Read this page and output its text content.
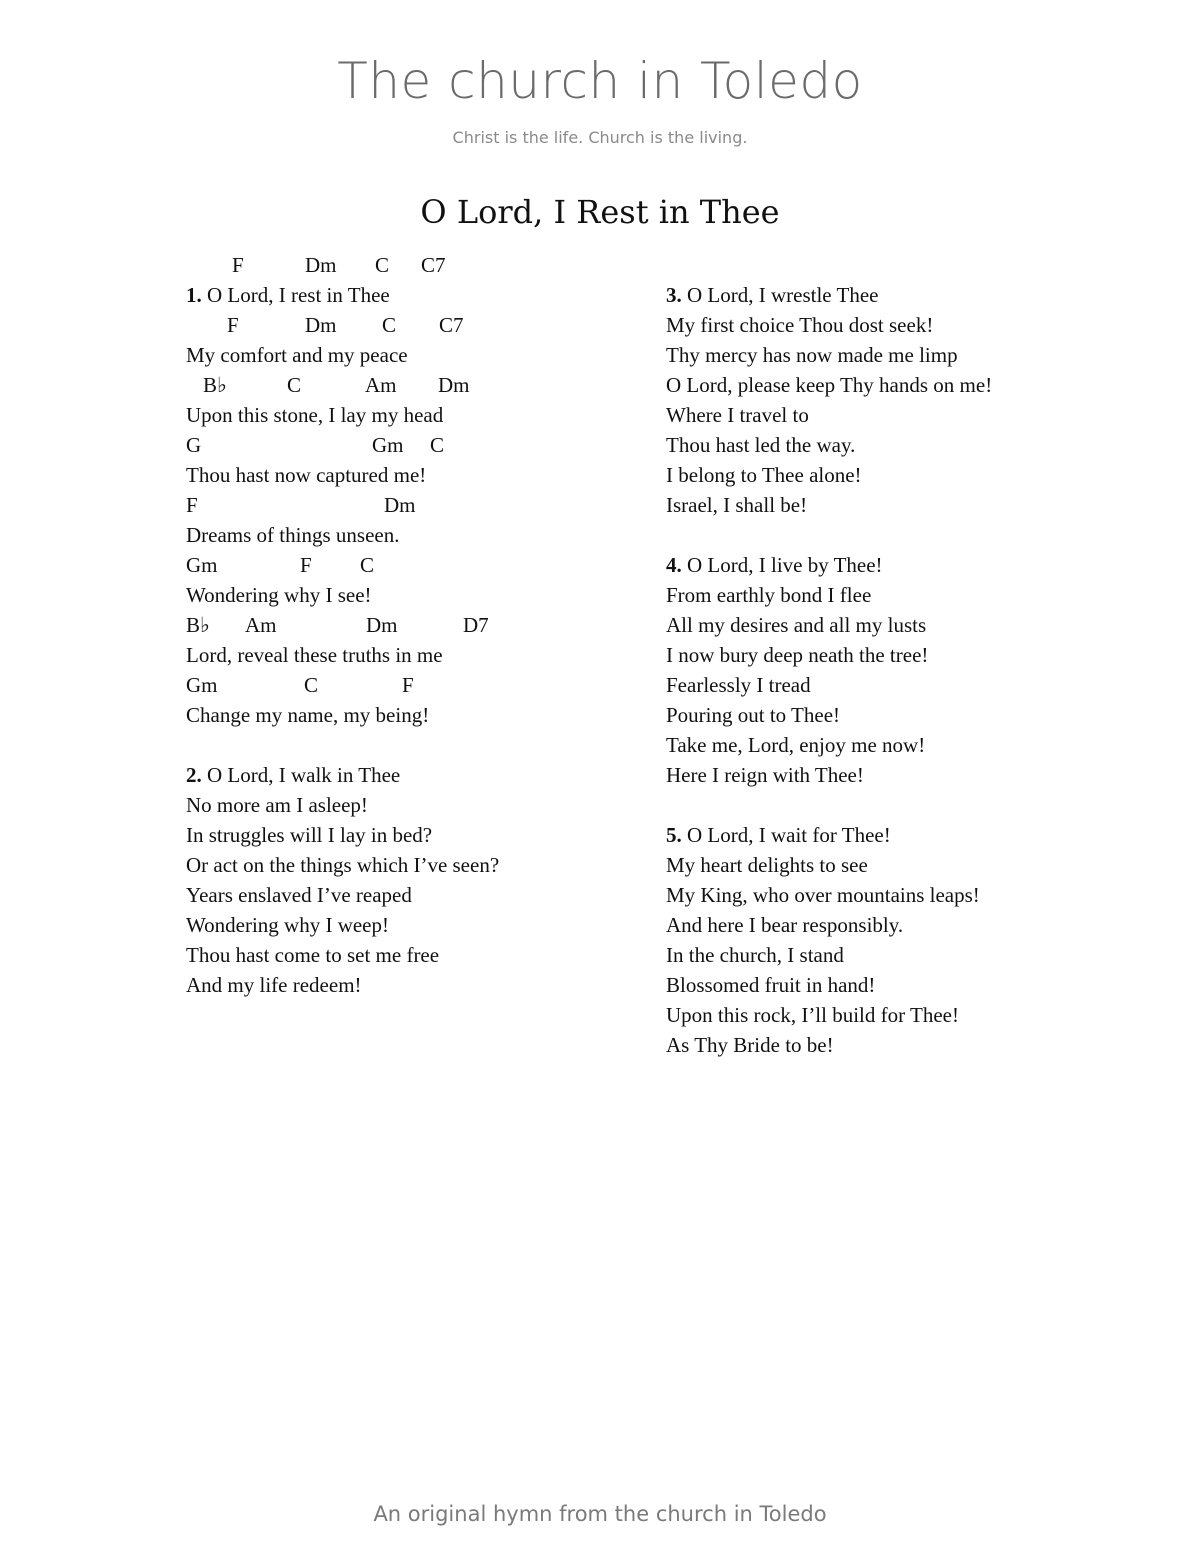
The church in Toledo
Christ is the life. Church is the living.
O Lord, I Rest in Thee

F

	Dm

C

C7

1. O Lord, I rest in Thee

F

	Dm

C

C7

My comfort and my peace

B♭

	C

	Am

Dm

Upon this stone, I lay my head

G

	Gm

C

Thou hast now captured me!

F

	Dm

Dreams of things unseen.

Gm

	F

C

Wondering why I see!

B♭

Am

	Dm

	D7

Lord, reveal these truths in me

Gm

	C

	F

Change my name, my being!
2. O Lord, I walk in Thee
No more am I asleep!
In struggles will I lay in bed?
Or act on the things which I’ve seen?
Years enslaved I’ve reaped
Wondering why I weep!
Thou hast come to set me free
And my life redeem!
3. O Lord, I wrestle Thee
My first choice Thou dost seek!
Thy mercy has now made me limp
O Lord, please keep Thy hands on me!
Where I travel to
Thou hast led the way.
I belong to Thee alone!
Israel, I shall be!
4. O Lord, I live by Thee!
From earthly bond I flee
All my desires and all my lusts
I now bury deep neath the tree!
Fearlessly I tread
Pouring out to Thee!
Take me, Lord, enjoy me now!
Here I reign with Thee!
5. O Lord, I wait for Thee!
My heart delights to see
My King, who over mountains leaps!
And here I bear responsibly.
In the church, I stand
Blossomed fruit in hand!
Upon this rock, I’ll build for Thee!
As Thy Bride to be!
An original hymn from the church in Toledo
